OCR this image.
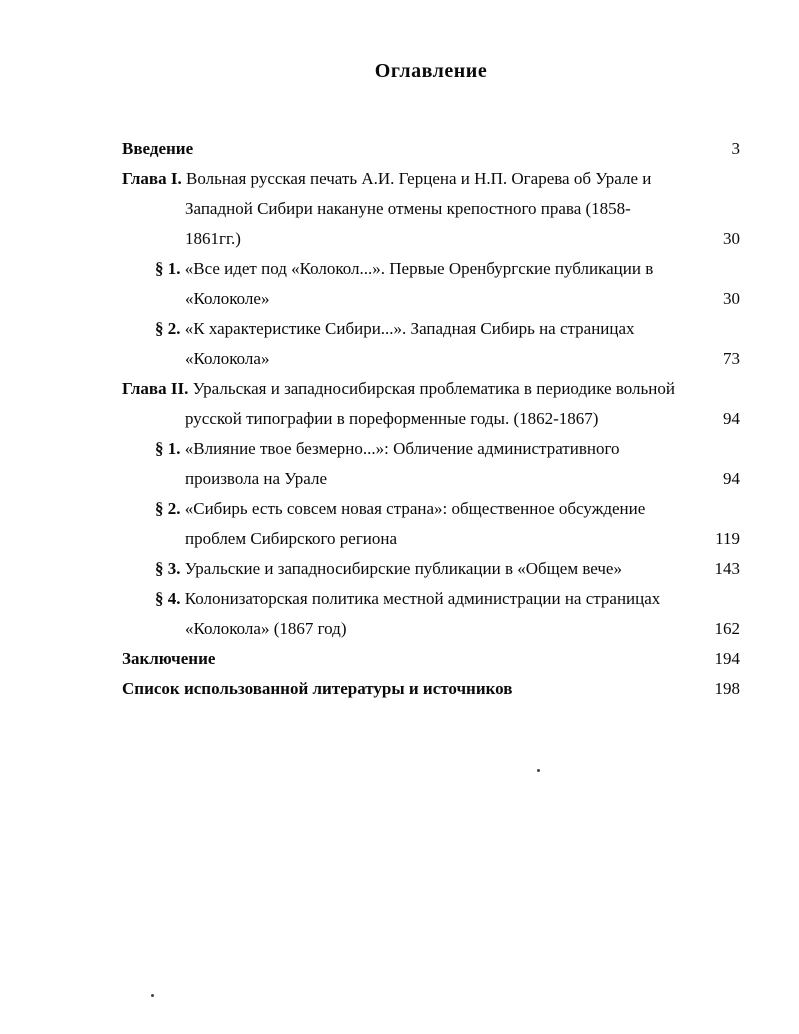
Оглавление
Введение	3
Глава I. Вольная русская печать А.И. Герцена и Н.П. Огарева об Урале и Западной Сибири накануне отмены крепостного права (1858-1861гг.)	30
§ 1. «Все идет под «Колокол...». Первые Оренбургские публикации в «Колоколе»	30
§ 2. «К характеристике Сибири...». Западная Сибирь на страницах «Колокола»	73
Глава II. Уральская и западносибирская проблематика в периодике вольной русской типографии в пореформенные годы. (1862-1867)	94
§ 1. «Влияние твое безмерно...»: Обличение административного произвола на Урале	94
§ 2. «Сибирь есть совсем новая страна»: общественное обсуждение проблем Сибирского региона	119
§ 3. Уральские и западносибирские публикации в «Общем вече»	143
§ 4. Колонизаторская политика местной администрации на страницах «Колокола» (1867 год)	162
Заключение	194
Список использованной литературы и источников	198
